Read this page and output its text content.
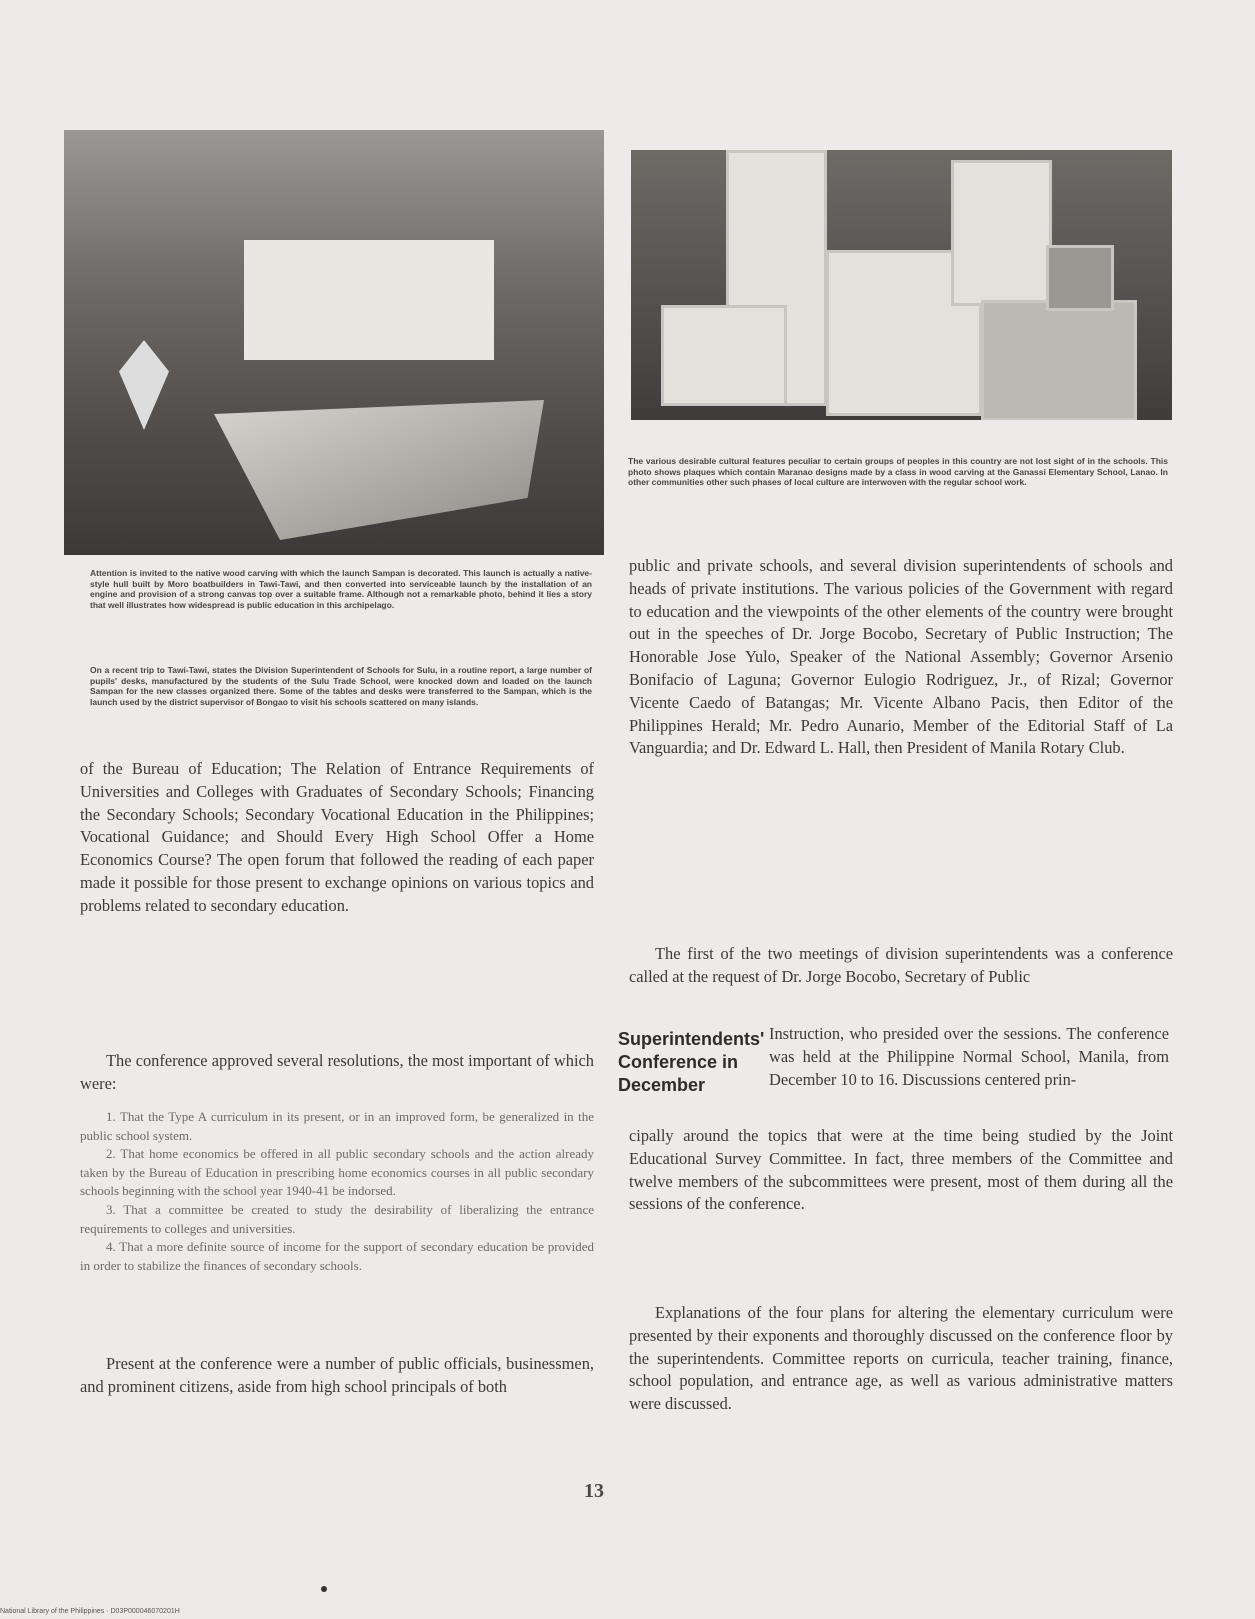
Attention is invited to the native wood carving with which the launch Sampan is decorated. This launch is actually a native-style hull built by Moro boatbuilders in Tawi-Tawi, and then converted into serviceable launch by the installation of an engine and provision of a strong canvas top over a suitable frame. Although not a remarkable photo, behind it lies a story that well illustrates how widespread is public education in this archipelago.

On a recent trip to Tawi-Tawi, states the Division Superintendent of Schools for Sulu, in a routine report, a large number of pupils' desks, manufactured by the students of the Sulu Trade School, were knocked down and loaded on the launch Sampan for the new classes organized there. Some of the tables and desks were transferred to the Sampan, which is the launch used by the district supervisor of Bongao to visit his schools scattered on many islands.

The various desirable cultural features peculiar to certain groups of peoples in this country are not lost sight of in the schools. This photo shows plaques which contain Maranao designs made by a class in wood carving at the Ganassi Elementary School, Lanao. In other communities other such phases of local culture are interwoven with the regular school work.

of the Bureau of Education; The Relation of Entrance Requirements of Universities and Colleges with Graduates of Secondary Schools; Financing the Secondary Schools; Secondary Vocational Education in the Philippines; Vocational Guidance; and Should Every High School Offer a Home Economics Course? The open forum that followed the reading of each paper made it possible for those present to exchange opinions on various topics and problems related to secondary education.

The conference approved several resolutions, the most important of which were:

1. That the Type A curriculum in its present, or in an improved form, be generalized in the public school system.
2. That home economics be offered in all public secondary schools and the action already taken by the Bureau of Education in prescribing home economics courses in all public secondary schools beginning with the school year 1940-41 be indorsed.
3. That a committee be created to study the desirability of liberalizing the entrance requirements to colleges and universities.
4. That a more definite source of income for the support of secondary education be provided in order to stabilize the finances of secondary schools.

Present at the conference were a number of public officials, businessmen, and prominent citizens, aside from high school principals of both

public and private schools, and several division superintendents of schools and heads of private institutions. The various policies of the Government with regard to education and the viewpoints of the other elements of the country were brought out in the speeches of Dr. Jorge Bocobo, Secretary of Public Instruction; The Honorable Jose Yulo, Speaker of the National Assembly; Governor Arsenio Bonifacio of Laguna; Governor Eulogio Rodriguez, Jr., of Rizal; Governor Vicente Caedo of Batangas; Mr. Vicente Albano Pacis, then Editor of the Philippines Herald; Mr. Pedro Aunario, Member of the Editorial Staff of La Vanguardia; and Dr. Edward L. Hall, then President of Manila Rotary Club.

The first of the two meetings of division superintendents was a conference called at the request of Dr. Jorge Bocobo, Secretary of Public

Superintendents' Conference in December

Instruction, who presided over the sessions. The conference was held at the Philippine Normal School, Manila, from December 10 to 16. Discussions centered prin-

cipally around the topics that were at the time being studied by the Joint Educational Survey Committee. In fact, three members of the Committee and twelve members of the subcommittees were present, most of them during all the sessions of the conference.

Explanations of the four plans for altering the elementary curriculum were presented by their exponents and thoroughly discussed on the conference floor by the superintendents. Committee reports on curricula, teacher training, finance, school population, and entrance age, as well as various administrative matters were discussed.

13
National Library of the Philippines · D03P000046070201H
